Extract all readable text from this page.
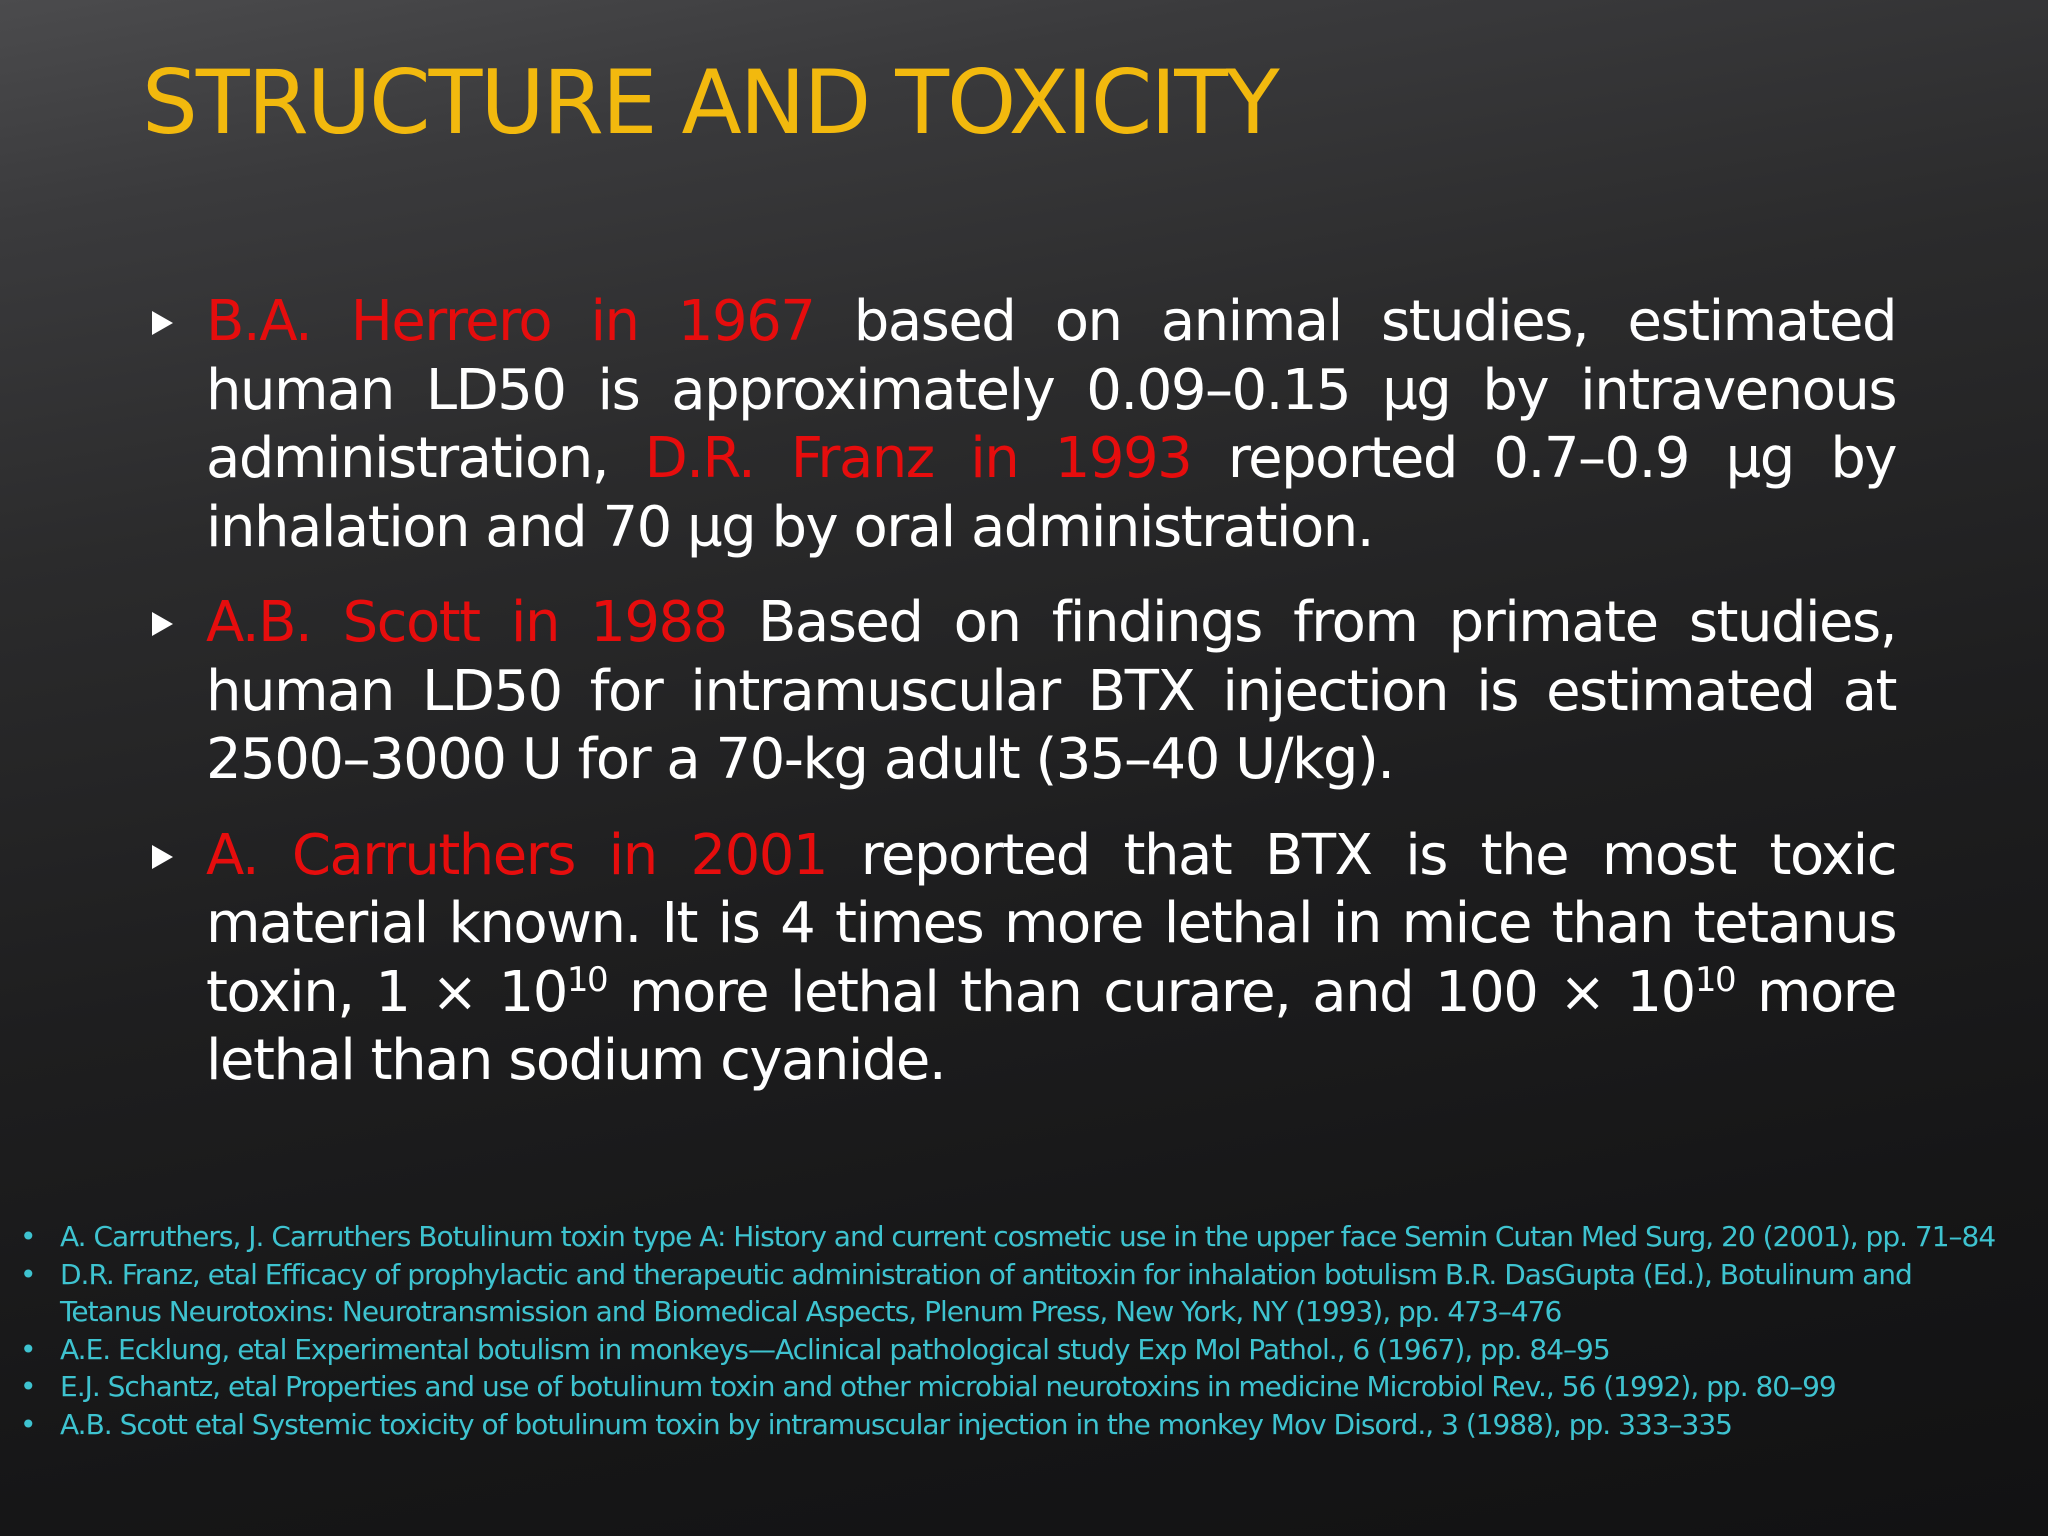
STRUCTURE AND TOXICITY
B.A. Herrero in 1967 based on animal studies, estimated human LD50 is approximately 0.09–0.15 µg by intravenous administration, D.R. Franz in 1993 reported 0.7–0.9 µg by inhalation and 70 µg by oral administration.
A.B. Scott in 1988 Based on findings from primate studies, human LD50 for intramuscular BTX injection is estimated at 2500–3000 U for a 70-kg adult (35–40 U/kg).
A. Carruthers in 2001 reported that BTX is the most toxic material known. It is 4 times more lethal in mice than tetanus toxin, $1 \times 10^{10}$ more lethal than curare, and $100 \times 10^{10}$ more lethal than sodium cyanide.
• A. Carruthers, J. Carruthers Botulinum toxin type A: History and current cosmetic use in the upper face Semin Cutan Med Surg, 20 (2001), pp. 71–84
• D.R. Franz, etal Efficacy of prophylactic and therapeutic administration of antitoxin for inhalation botulism B.R. DasGupta (Ed.), Botulinum and Tetanus Neurotoxins: Neurotransmission and Biomedical Aspects, Plenum Press, New York, NY (1993), pp. 473–476
• A.E. Ecklung, etal Experimental botulism in monkeys—Aclinical pathological study Exp Mol Pathol., 6 (1967), pp. 84–95
• E.J. Schantz, etal Properties and use of botulinum toxin and other microbial neurotoxins in medicine Microbiol Rev., 56 (1992), pp. 80–99
• A.B. Scott etal Systemic toxicity of botulinum toxin by intramuscular injection in the monkey Mov Disord., 3 (1988), pp. 333–335
